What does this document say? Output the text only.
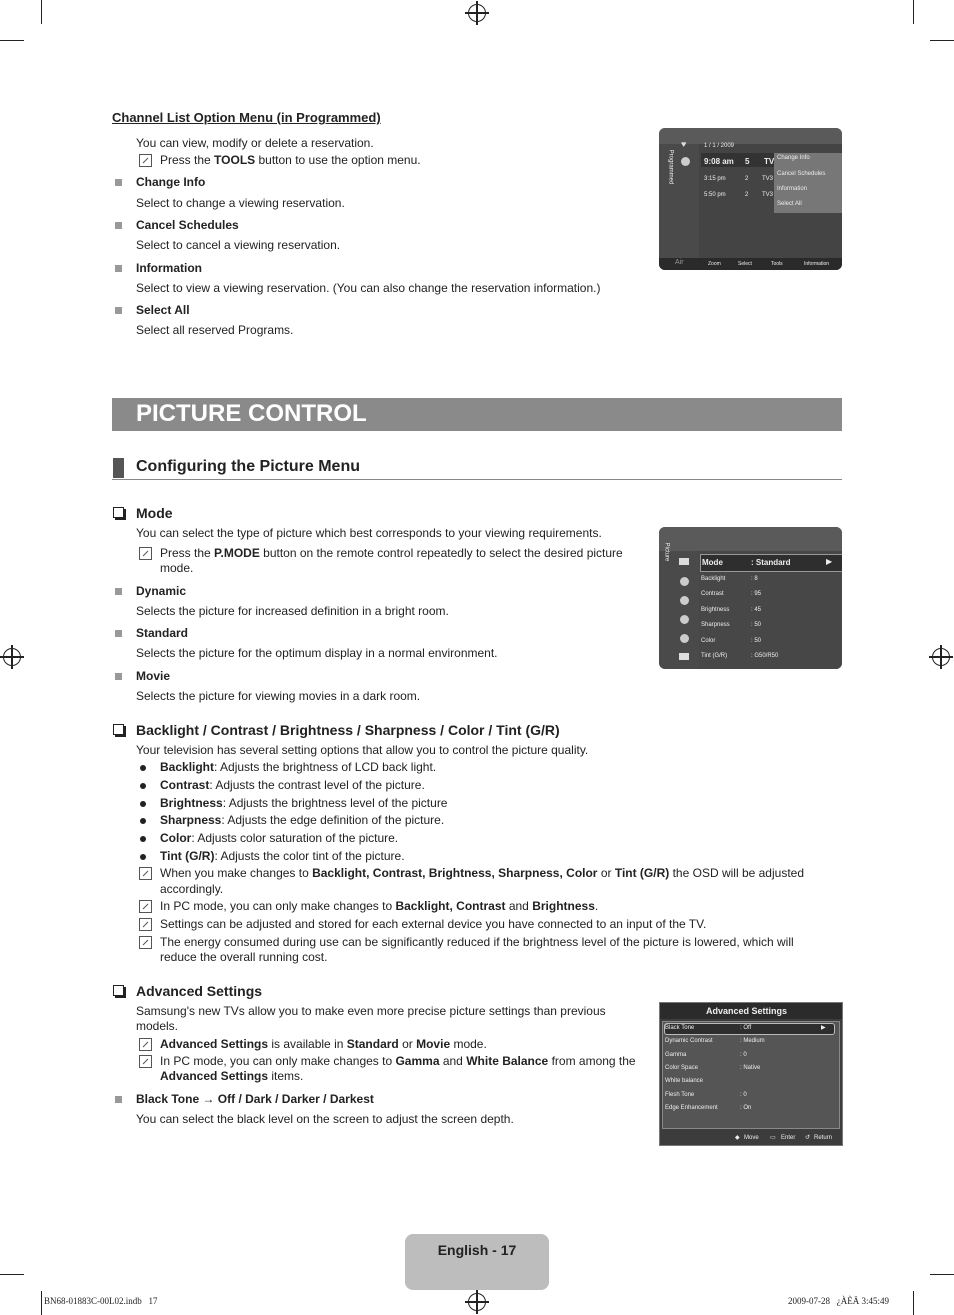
Channel List Option Menu (in Programmed)
You can view, modify or delete a reservation.
Press the TOOLS button to use the option menu.
Change Info
Select to change a viewing reservation.
Cancel Schedules
Select to cancel a viewing reservation.
Information
Select to view a viewing reservation. (You can also change the reservation information.)
Select All
Select all reserved Programs.
Programmed
♥	1 / 1 / 2009
9:08 am 5 TV
3:15 pm	2 TV3
5:50 pm	2 TV3
Change Info
Cancel Schedules
Information
Select All
Air	Zoom	Select	Tools	Information
PICTURE CONTROL
Configuring the Picture Menu
Mode
You can select the type of picture which best corresponds to your viewing requirements.
Press the P.MODE button on the remote control repeatedly to select the desired picture
mode.
Dynamic
Selects the picture for increased definition in a bright room.
Standard
Selects the picture for the optimum display in a normal environment.
Movie
Selects the picture for viewing movies in a dark room.
Picture
Mode	: Standard	▶
Backlight	: 8
Contrast	: 95
Brightness	: 45
Sharpness	: 50
Color	: 50
Tint (G/R)	: G50/R50
Backlight / Contrast / Brightness / Sharpness / Color / Tint (G/R)
Your television has several setting options that allow you to control the picture quality.
Backlight: Adjusts the brightness of LCD back light.
Contrast: Adjusts the contrast level of the picture.
Brightness: Adjusts the brightness level of the picture
Sharpness: Adjusts the edge definition of the picture.
Color: Adjusts color saturation of the picture.
Tint (G/R): Adjusts the color tint of the picture.
When you make changes to Backlight, Contrast, Brightness, Sharpness, Color or Tint (G/R) the OSD will be adjusted
accordingly.
In PC mode, you can only make changes to Backlight, Contrast and Brightness.
Settings can be adjusted and stored for each external device you have connected to an input of the TV.
The energy consumed during use can be significantly reduced if the brightness level of the picture is lowered, which will
reduce the overall running cost.
Advanced Settings
Samsung's new TVs allow you to make even more precise picture settings than previous
models.
Advanced Settings is available in Standard or Movie mode.
In PC mode, you can only make changes to Gamma and White Balance from among the
Advanced Settings items.
Black Tone → Off / Dark / Darker / Darkest
You can select the black level on the screen to adjust the screen depth.
Advanced Settings
▶
Black Tone	: Off
Dynamic Contrast	: Medium
Gamma	: 0
Color Space	: Native
White balance
Flesh Tone	: 0
Edge Enhancement	: On
◆ Move ▭ Enter ↺ Return
English - 17
BN68-01883C-00L02.indb   17	2009-07-28   ¿ÀÈÄ 3:45:49
